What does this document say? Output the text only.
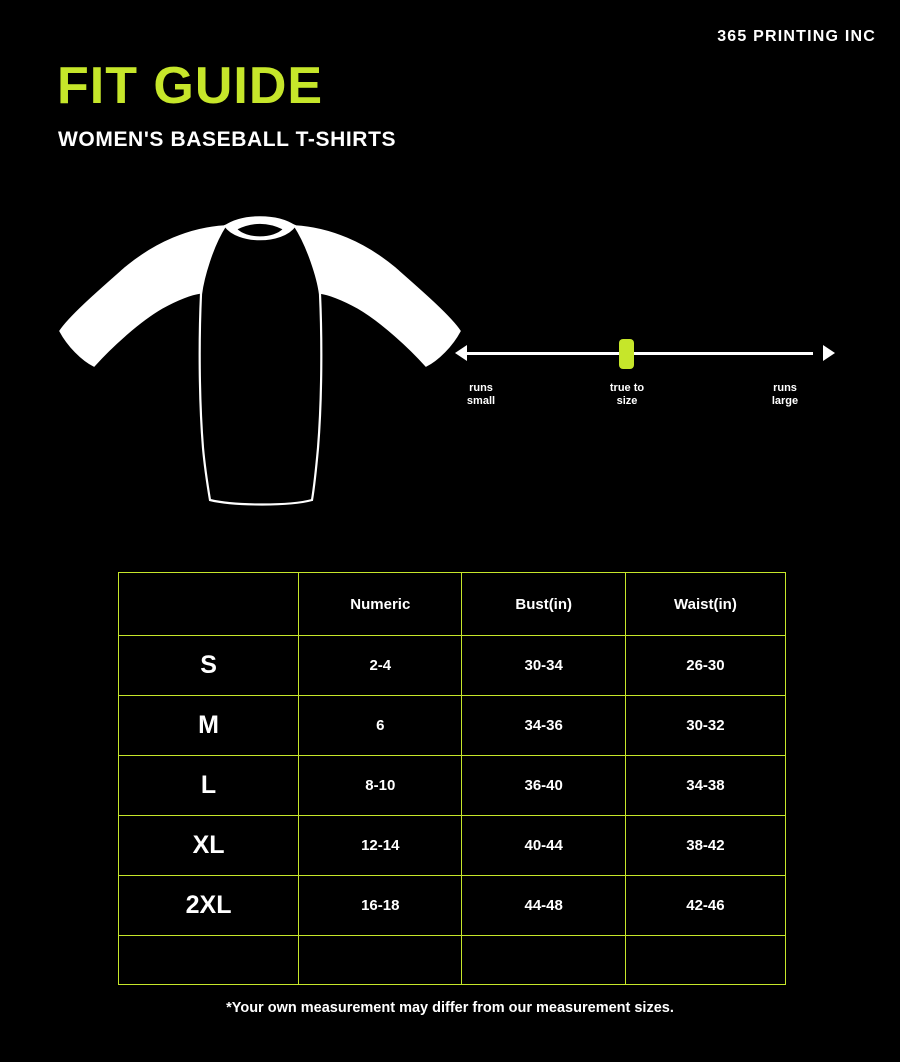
365 PRINTING INC
FIT GUIDE
WOMEN'S BASEBALL T-SHIRTS
runs
small
true to
size
runs
large
	Numeric	Bust(in)	Waist(in)
S	2-4	30-34	26-30
M	6	34-36	30-32
L	8-10	36-40	34-38
XL	12-14	40-44	38-42
2XL	16-18	44-48	42-46

*Your own measurement may differ from our measurement sizes.
